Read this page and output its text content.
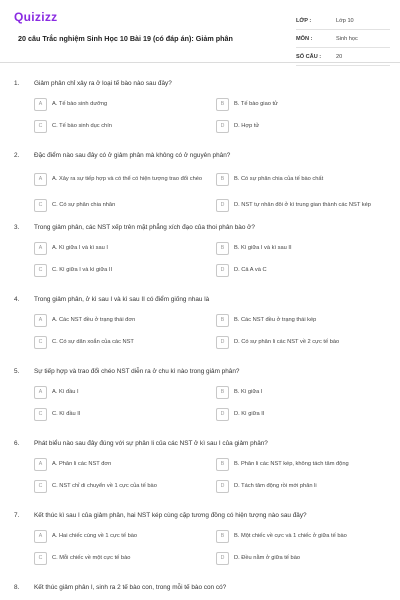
Quizizz
20 câu Trắc nghiệm Sinh Học 10 Bài 19 (có đáp án): Giảm phân
LỚP :	Lớp 10
MÔN :	Sinh học
SỐ CÂU :	20
1. Giảm phân chỉ xảy ra ở loại tế bào nào sau đây?
A	A. Tế bào sinh dưỡng	B	B. Tế bào giao tử
C	C. Tế bào sinh dục chín	D	D. Hợp tử
2. Đặc điểm nào sau đây có ở giảm phân mà không có ở nguyên phân?
A	A. Xảy ra sự tiếp hợp và có thể có hiện tượng trao đổi chéo	B	B. Có sự phân chia của tế bào chất
C	C. Có sự phân chia nhân	D	D. NST tự nhân đôi ở kì trung gian thành các NST kép
3. Trong giảm phân, các NST xếp trên mặt phẳng xích đạo của thoi phân bào ở?
A	A. Kì giữa I và kì sau I	B	B. Kì giữa I và kì sau II
C	C. Kì giữa I và kì giữa II	D	D. Cả A và C
4. Trong giảm phân, ở kì sau I và kì sau II có điểm giống nhau là
A	A. Các NST đều ở trạng thái đơn	B	B. Các NST đều ở trạng thái kép
C	C. Có sự dãn xoắn của các NST	D	D. Có sự phân li các NST về 2 cực tế bào
5. Sự tiếp hợp và trao đổi chéo NST diễn ra ở chu kì nào trong giảm phân?
A	A. Kì đầu I	B	B. Kì giữa I
C	C. Kì đầu II	D	D. Kì giữa II
6. Phát biểu nào sau đây đúng với sự phân li của các NST ở kì sau I của giảm phân?
A	A. Phân li các NST đơn	B	B. Phân li các NST kép, không tách tâm động
C	C. NST chỉ di chuyển về 1 cực của tế bào	D	D. Tách tâm động rồi mới phân li
7. Kết thúc kì sau I của giảm phân, hai NST kép cùng cặp tương đồng có hiện tượng nào sau đây?
A	A. Hai chiếc cùng về 1 cực tế bào	B	B. Một chiếc về cực và 1 chiếc ở giữa tế bào
C	C. Mỗi chiếc về một cực tế bào	D	D. Đều nằm ở giữa tế bào
8. Kết thúc giảm phân I, sinh ra 2 tế bào con, trong mỗi tế bào con có?
